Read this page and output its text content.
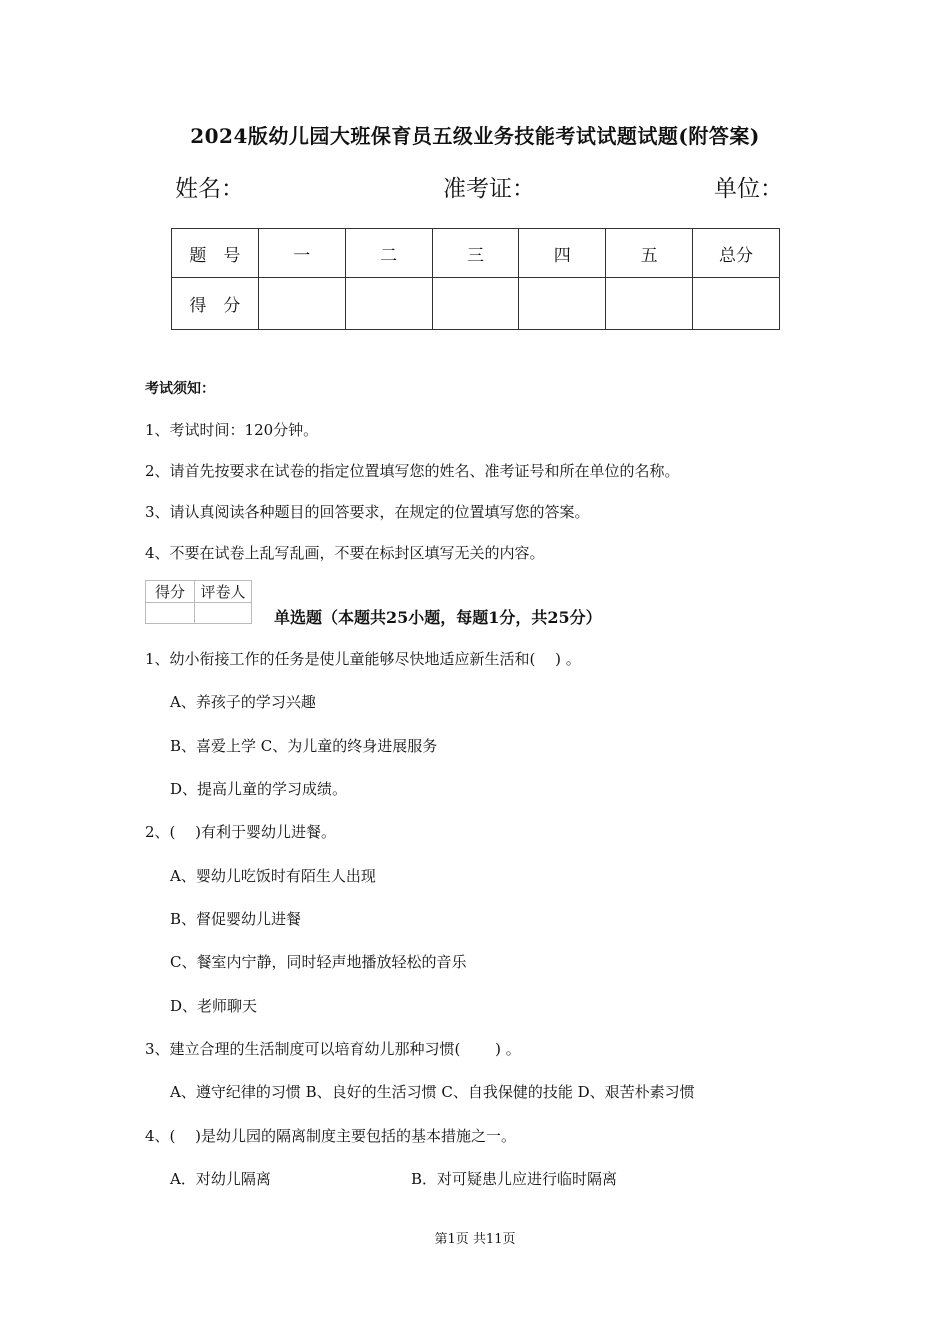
2024版幼儿园大班保育员五级业务技能考试试题试题(附答案)
姓名：	准考证：	单位：
题　号	一	二	三	四	五	总分
得　分						
考试须知：
1、考试时间：120分钟。
2、请首先按要求在试卷的指定位置填写您的姓名、准考证号和所在单位的名称。
3、请认真阅读各种题目的回答要求，在规定的位置填写您的答案。
4、不要在试卷上乱写乱画，不要在标封区填写无关的内容。
得分	评卷人

单选题（本题共25小题，每题1分，共25分）
1、幼小衔接工作的任务是使儿童能够尽快地适应新生活和(　 ) 。
A、养孩子的学习兴趣
B、喜爱上学 C、为儿童的终身进展服务
D、提高儿童的学习成绩。
2、(　 )有利于婴幼儿进餐。
A、婴幼儿吃饭时有陌生人出现
B、督促婴幼儿进餐
C、餐室内宁静，同时轻声地播放轻松的音乐
D、老师聊天
3、建立合理的生活制度可以培育幼儿那种习惯(　　 ) 。
A、遵守纪律的习惯 B、良好的生活习惯 C、自我保健的技能 D、艰苦朴素习惯
4、(　 )是幼儿园的隔离制度主要包括的基本措施之一。
A．对幼儿隔离	B．对可疑患儿应进行临时隔离
第1页 共11页
